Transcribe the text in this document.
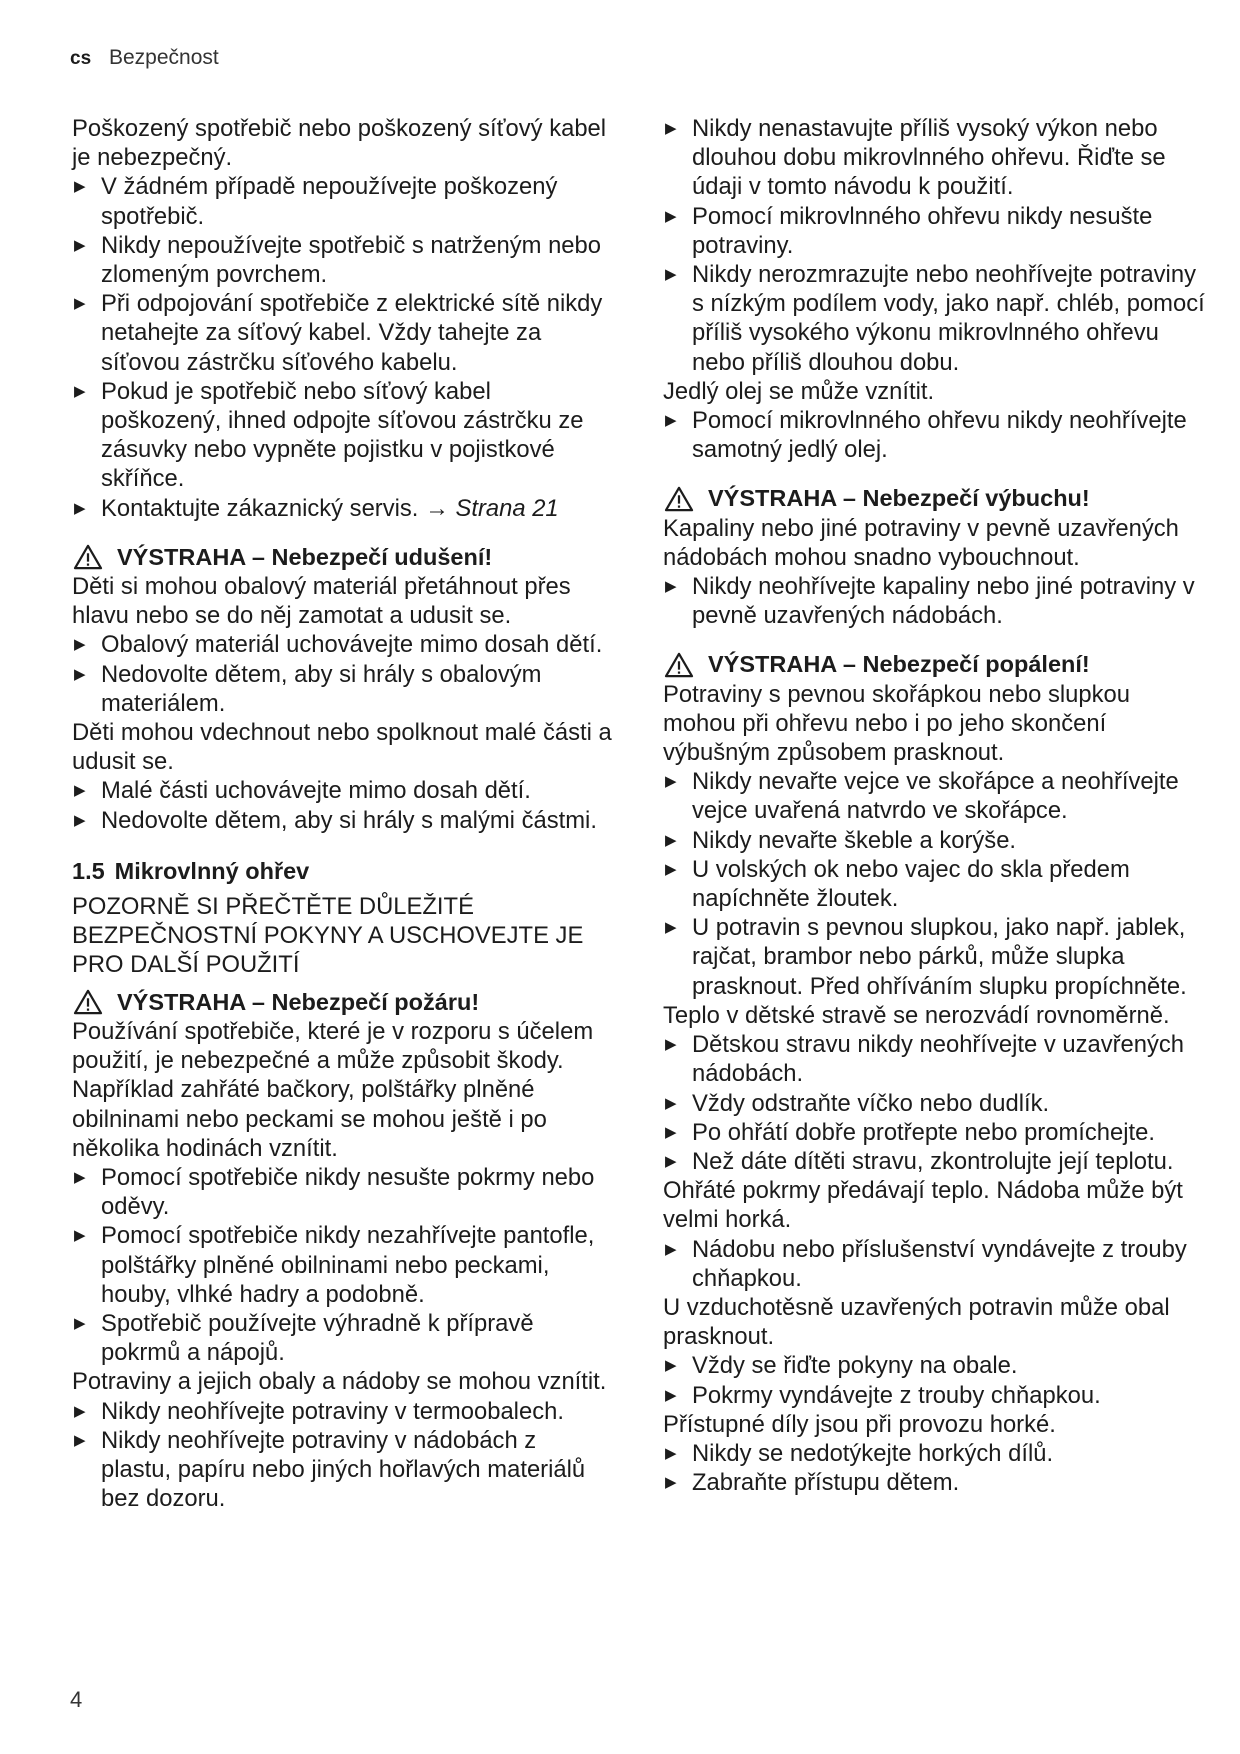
cs Bezpečnost

Poškozený spotřebič nebo poškozený síťový kabel je nebezpečný.

▶ V žádném případě nepoužívejte poškozený spotřebič.
▶ Nikdy nepoužívejte spotřebič s natrženým nebo zlomeným povrchem.
▶ Při odpojování spotřebiče z elektrické sítě nikdy netahejte za síťový kabel. Vždy tahejte za síťovou zástrčku síťového kabelu.
▶ Pokud je spotřebič nebo síťový kabel poškozený, ihned odpojte síťovou zástrčku ze zásuvky nebo vypněte pojistku v pojistkové skříňce.
▶ Kontaktujte zákaznický servis. → Strana 21
VÝSTRAHA – Nebezpečí udušení!

Děti si mohou obalový materiál přetáhnout přes hlavu nebo se do něj zamotat a udusit se.

▶ Obalový materiál uchovávejte mimo dosah dětí.
▶ Nedovolte dětem, aby si hrály s obalovým materiálem.

Děti mohou vdechnout nebo spolknout malé části a udusit se.

▶ Malé části uchovávejte mimo dosah dětí.
▶ Nedovolte dětem, aby si hrály s malými částmi.
1.5 Mikrovlnný ohřev

POZORNĚ SI PŘEČTĚTE DŮLEŽITÉ BEZPEČNOSTNÍ POKYNY A USCHOVEJTE JE PRO DALŠÍ POUŽITÍ

VÝSTRAHA – Nebezpečí požáru!

Používání spotřebiče, které je v rozporu s účelem použití, je nebezpečné a může způsobit škody. Například zahřáté bačkory, polštářky plněné obilninami nebo peckami se mohou ještě i po několika hodinách vznítit.

▶ Pomocí spotřebiče nikdy nesušte pokrmy nebo oděvy.
▶ Pomocí spotřebiče nikdy nezahřívejte pantofle, polštářky plněné obilninami nebo peckami, houby, vlhké hadry a podobně.
▶ Spotřebič používejte výhradně k přípravě pokrmů a nápojů.

Potraviny a jejich obaly a nádoby se mohou vznítit.

▶ Nikdy neohřívejte potraviny v termoobalech.
▶ Nikdy neohřívejte potraviny v nádobách z plastu, papíru nebo jiných hořlavých materiálů bez dozoru.
▶ Nikdy nenastavujte příliš vysoký výkon nebo dlouhou dobu mikrovlnného ohřevu. Řiďte se údaji v tomto návodu k použití.
▶ Pomocí mikrovlnného ohřevu nikdy nesušte potraviny.
▶ Nikdy nerozmrazujte nebo neohřívejte potraviny s nízkým podílem vody, jako např. chléb, pomocí příliš vysokého výkonu mikrovlnného ohřevu nebo příliš dlouhou dobu.

Jedlý olej se může vznítit.

▶ Pomocí mikrovlnného ohřevu nikdy neohřívejte samotný jedlý olej.
VÝSTRAHA – Nebezpečí výbuchu!

Kapaliny nebo jiné potraviny v pevně uzavřených nádobách mohou snadno vybouchnout.

▶ Nikdy neohřívejte kapaliny nebo jiné potraviny v pevně uzavřených nádobách.
VÝSTRAHA – Nebezpečí popálení!

Potraviny s pevnou skořápkou nebo slupkou mohou při ohřevu nebo i po jeho skončení výbušným způsobem prasknout.

▶ Nikdy nevařte vejce ve skořápce a neohřívejte vejce uvařená natvrdo ve skořápce.
▶ Nikdy nevařte škeble a korýše.
▶ U volských ok nebo vajec do skla předem napíchněte žloutek.
▶ U potravin s pevnou slupkou, jako např. jablek, rajčat, brambor nebo párků, může slupka prasknout. Před ohříváním slupku propíchněte.

Teplo v dětské stravě se nerozvádí rovnoměrně.

▶ Dětskou stravu nikdy neohřívejte v uzavřených nádobách.
▶ Vždy odstraňte víčko nebo dudlík.
▶ Po ohřátí dobře protřepte nebo promíchejte.
▶ Než dáte dítěti stravu, zkontrolujte její teplotu.

Ohřáté pokrmy předávají teplo. Nádoba může být velmi horká.

▶ Nádobu nebo příslušenství vyndávejte z trouby chňapkou.

U vzduchotěsně uzavřených potravin může obal prasknout.

▶ Vždy se řiďte pokyny na obale.
▶ Pokrmy vyndávejte z trouby chňapkou.

Přístupné díly jsou při provozu horké.

▶ Nikdy se nedotýkejte horkých dílů.
▶ Zabraňte přístupu dětem.
4
